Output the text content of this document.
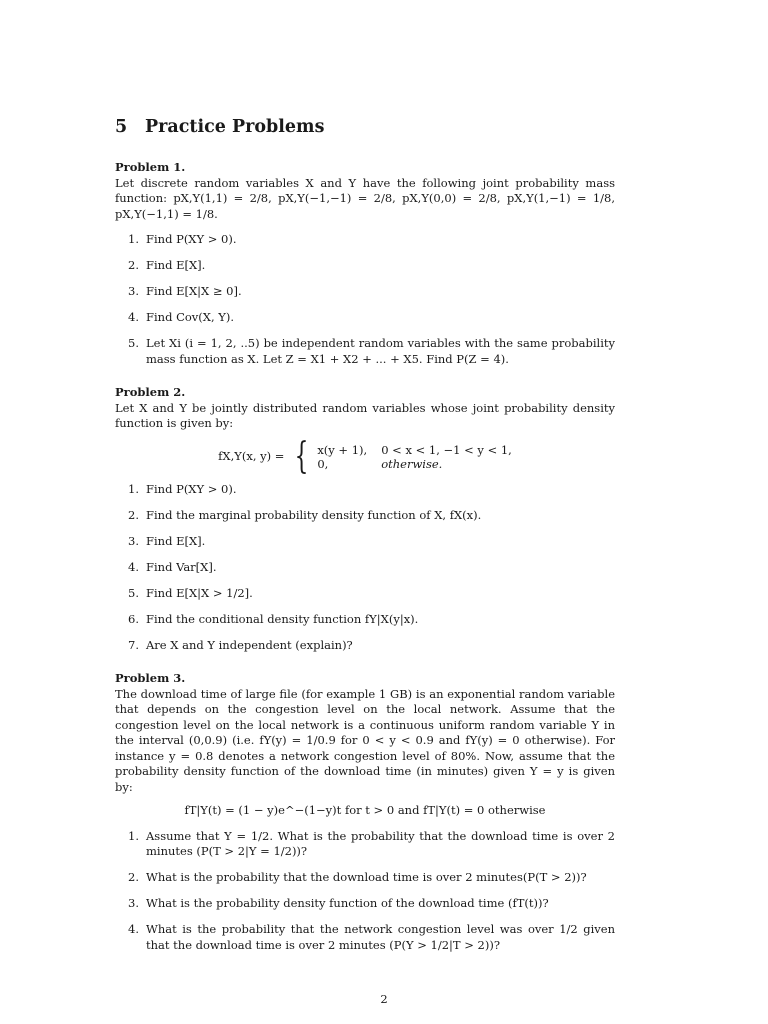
5 Practice Problems

Problem 1.

Let discrete random variables X and Y have the following joint probability mass function: pX,Y(1,1) = 2/8, pX,Y(−1,−1) = 2/8, pX,Y(0,0) = 2/8, pX,Y(1,−1) = 1/8, pX,Y(−1,1) = 1/8.

1. Find P(XY > 0).
2. Find E[X].
3. Find E[X|X ≥ 0].
4. Find Cov(X, Y).
5. Let Xi (i = 1, 2, ..5) be independent random variables with the same probability mass function as X. Let Z = X1 + X2 + ... + X5. Find P(Z = 4).

Problem 2.

Let X and Y be jointly distributed random variables whose joint probability density function is given by:

fX,Y(x, y) = { x(y + 1), 0 < x < 1, −1 < y < 1,
0,	otherwise.
1. Find P(XY > 0).
2. Find the marginal probability density function of X, fX(x).
3. Find E[X].
4. Find Var[X].
5. Find E[X|X > 1/2].
6. Find the conditional density function fY|X(y|x).
7. Are X and Y independent (explain)?

Problem 3.

The download time of large file (for example 1 GB) is an exponential random variable that depends on the congestion level on the local network. Assume that the congestion level on the local network is a continuous uniform random variable Y in the interval (0,0.9) (i.e. fY(y) = 1/0.9 for 0 < y < 0.9 and fY(y) = 0 otherwise). For instance y = 0.8 denotes a network congestion level of 80%. Now, assume that the probability density function of the download time (in minutes) given Y = y is given by:

fT|Y(t) = (1 − y)e^−(1−y)t for t > 0 and fT|Y(t) = 0 otherwise
1. Assume that Y = 1/2. What is the probability that the download time is over 2 minutes (P(T > 2|Y = 1/2))?
2. What is the probability that the download time is over 2 minutes(P(T > 2))?
3. What is the probability density function of the download time (fT(t))?
4. What is the probability that the network congestion level was over 1/2 given that the download time is over 2 minutes (P(Y > 1/2|T > 2))?
2
